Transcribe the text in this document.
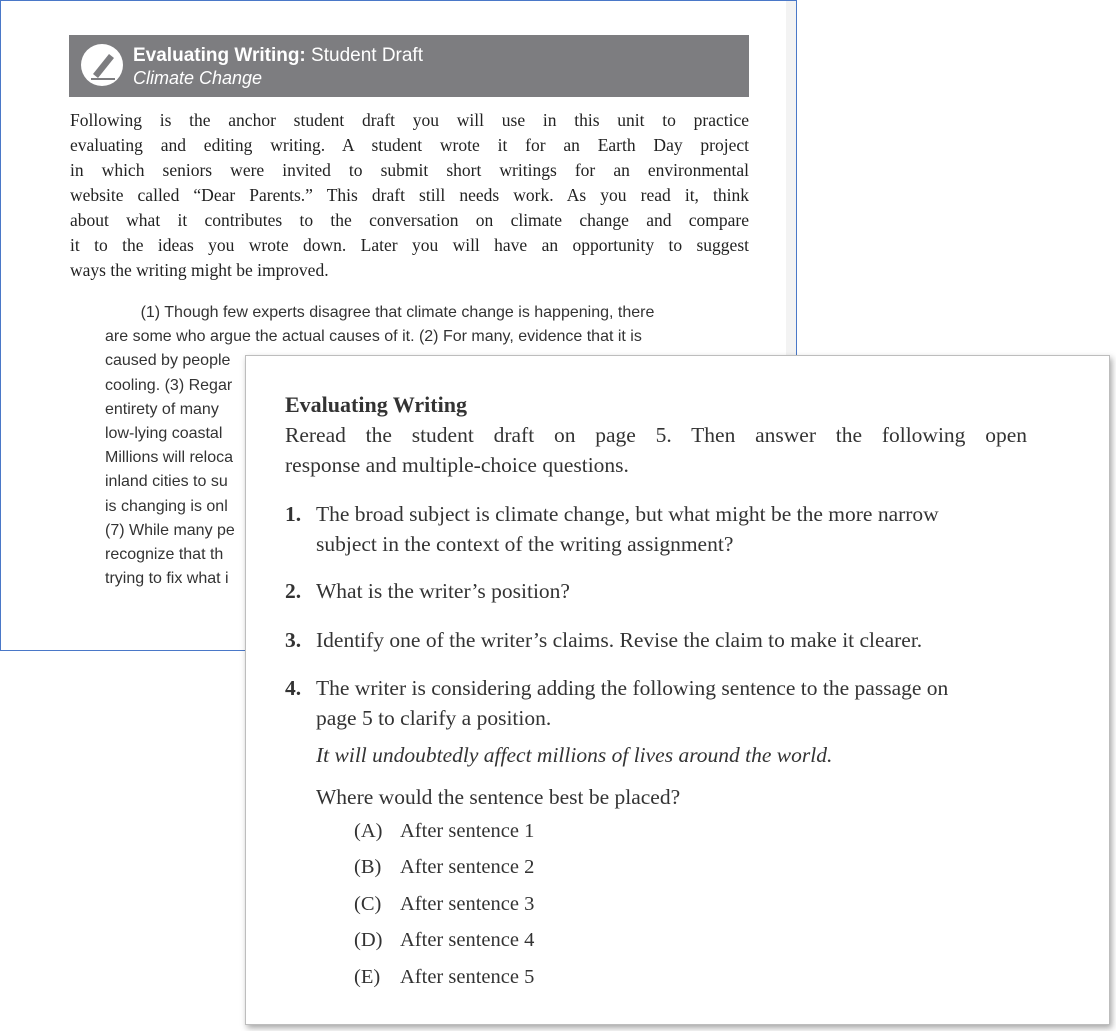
Evaluating Writing: Student Draft
Climate Change
Following is the anchor student draft you will use in this unit to practice
evaluating and editing writing. A student wrote it for an Earth Day project
in which seniors were invited to submit short writings for an environmental
website called “Dear Parents.” This draft still needs work. As you read it, think
about what it contributes to the conversation on climate change and compare
it to the ideas you wrote down. Later you will have an opportunity to suggest
ways the writing might be improved.
(1) Though few experts disagree that climate change is happening, there
are some who argue the actual causes of it. (2) For many, evidence that it is
caused by people
cooling. (3) Regar
entirety of many
low-lying coastal
Millions will reloca
inland cities to su
is changing is onl
(7) While many pe
recognize that th
trying to fix what i
Evaluating Writing
Reread the student draft on page 5. Then answer the following open
response and multiple-choice questions.
1. The broad subject is climate change, but what might be the more narrow
subject in the context of the writing assignment?
2. What is the writer’s position?
3. Identify one of the writer’s claims. Revise the claim to make it clearer.
4. The writer is considering adding the following sentence to the passage on
page 5 to clarify a position.
It will undoubtedly affect millions of lives around the world.
Where would the sentence best be placed?
(A) After sentence 1
(B) After sentence 2
(C) After sentence 3
(D) After sentence 4
(E) After sentence 5
